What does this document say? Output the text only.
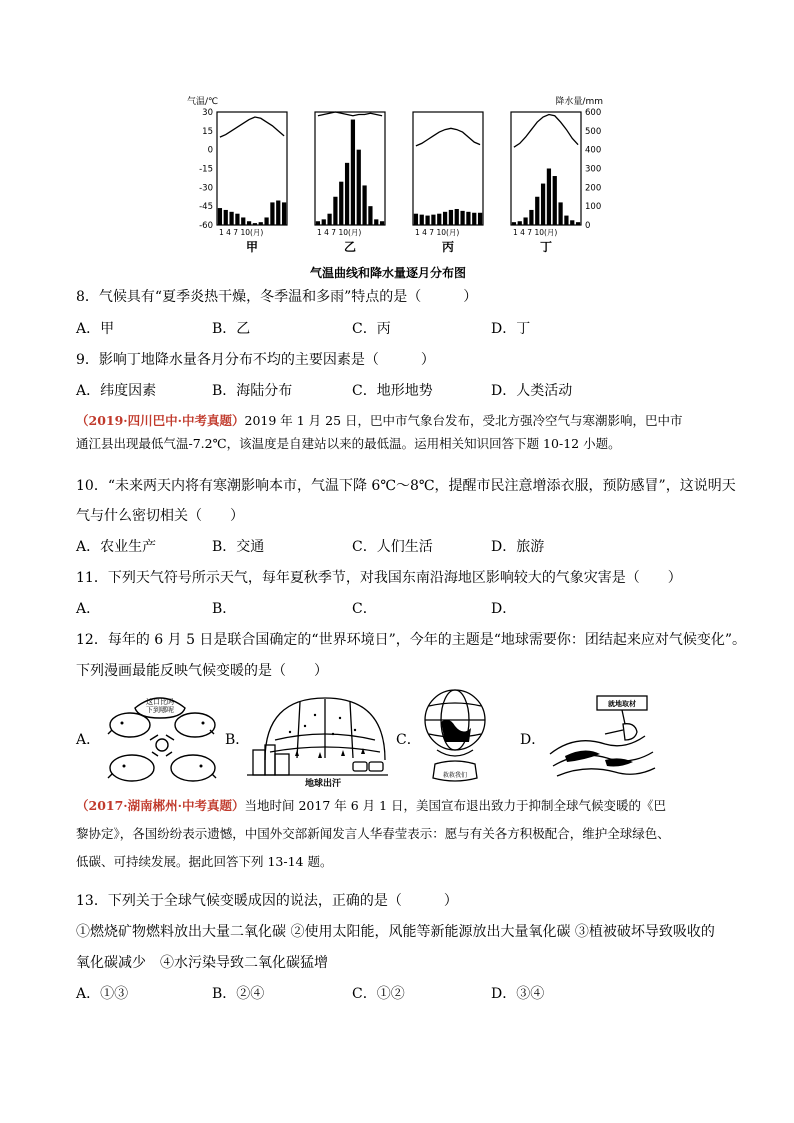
气温/℃	降水量/mm
30
15
0
-15
-30
-45
-60
600
500
400
300
200
100
0
1 4 7 10(月)
甲
1 4 7 10(月)
乙
1 4 7 10(月)
丙
1 4 7 10(月)
丁
气温曲线和降水量逐月分布图
8．气候具有“夏季炎热干燥，冬季温和多雨”特点的是（　　　）
A．甲	B．乙	C．丙	D．丁
9．影响丁地降水量各月分布不均的主要因素是（　　　）
A．纬度因素	B．海陆分布	C．地形地势	D．人类活动
（2019·四川巴中·中考真题）2019 年 1 月 25 日，巴中市气象台发布，受北方强冷空气与寒潮影响，巴中市
通江县出现最低气温-7.2℃，该温度是自建站以来的最低温。运用相关知识回答下题 10-12 小题。
10．“未来两天内将有寒潮影响本市，气温下降 6℃～8℃，提醒市民注意增添衣服，预防感冒”，这说明天
气与什么密切相关（　　）
A．农业生产	B．交通	C．人们生活	D．旅游
11．下列天气符号所示天气，每年夏秋季节，对我国东南沿海地区影响较大的气象灾害是（　　）
A．	B．	C．	D．
12．每年的 6 月 5 日是联合国确定的“世界环境日”，今年的主题是“地球需要你：团结起来应对气候变化”。
下列漫画最能反映气候变暖的是（　　）
A．
这口比吗
下到哪呢
B．
地球出汗
C．
救救我们
D．
就地取材
（2017·湖南郴州·中考真题）当地时间 2017 年 6 月 1 日，美国宣布退出致力于抑制全球气候变暖的《巴
黎协定》，各国纷纷表示遗憾，中国外交部新闻发言人华春莹表示：愿与有关各方积极配合，维护全球绿色、
低碳、可持续发展。据此回答下列 13-14 题。
13．下列关于全球气候变暖成因的说法，正确的是（　　　）
①燃烧矿物燃料放出大量二氧化碳 ②使用太阳能，风能等新能源放出大量氧化碳 ③植被破坏导致吸收的
氧化碳减少　④水污染导致二氧化碳猛增
A．①③	B．②④	C．①②	D．③④
